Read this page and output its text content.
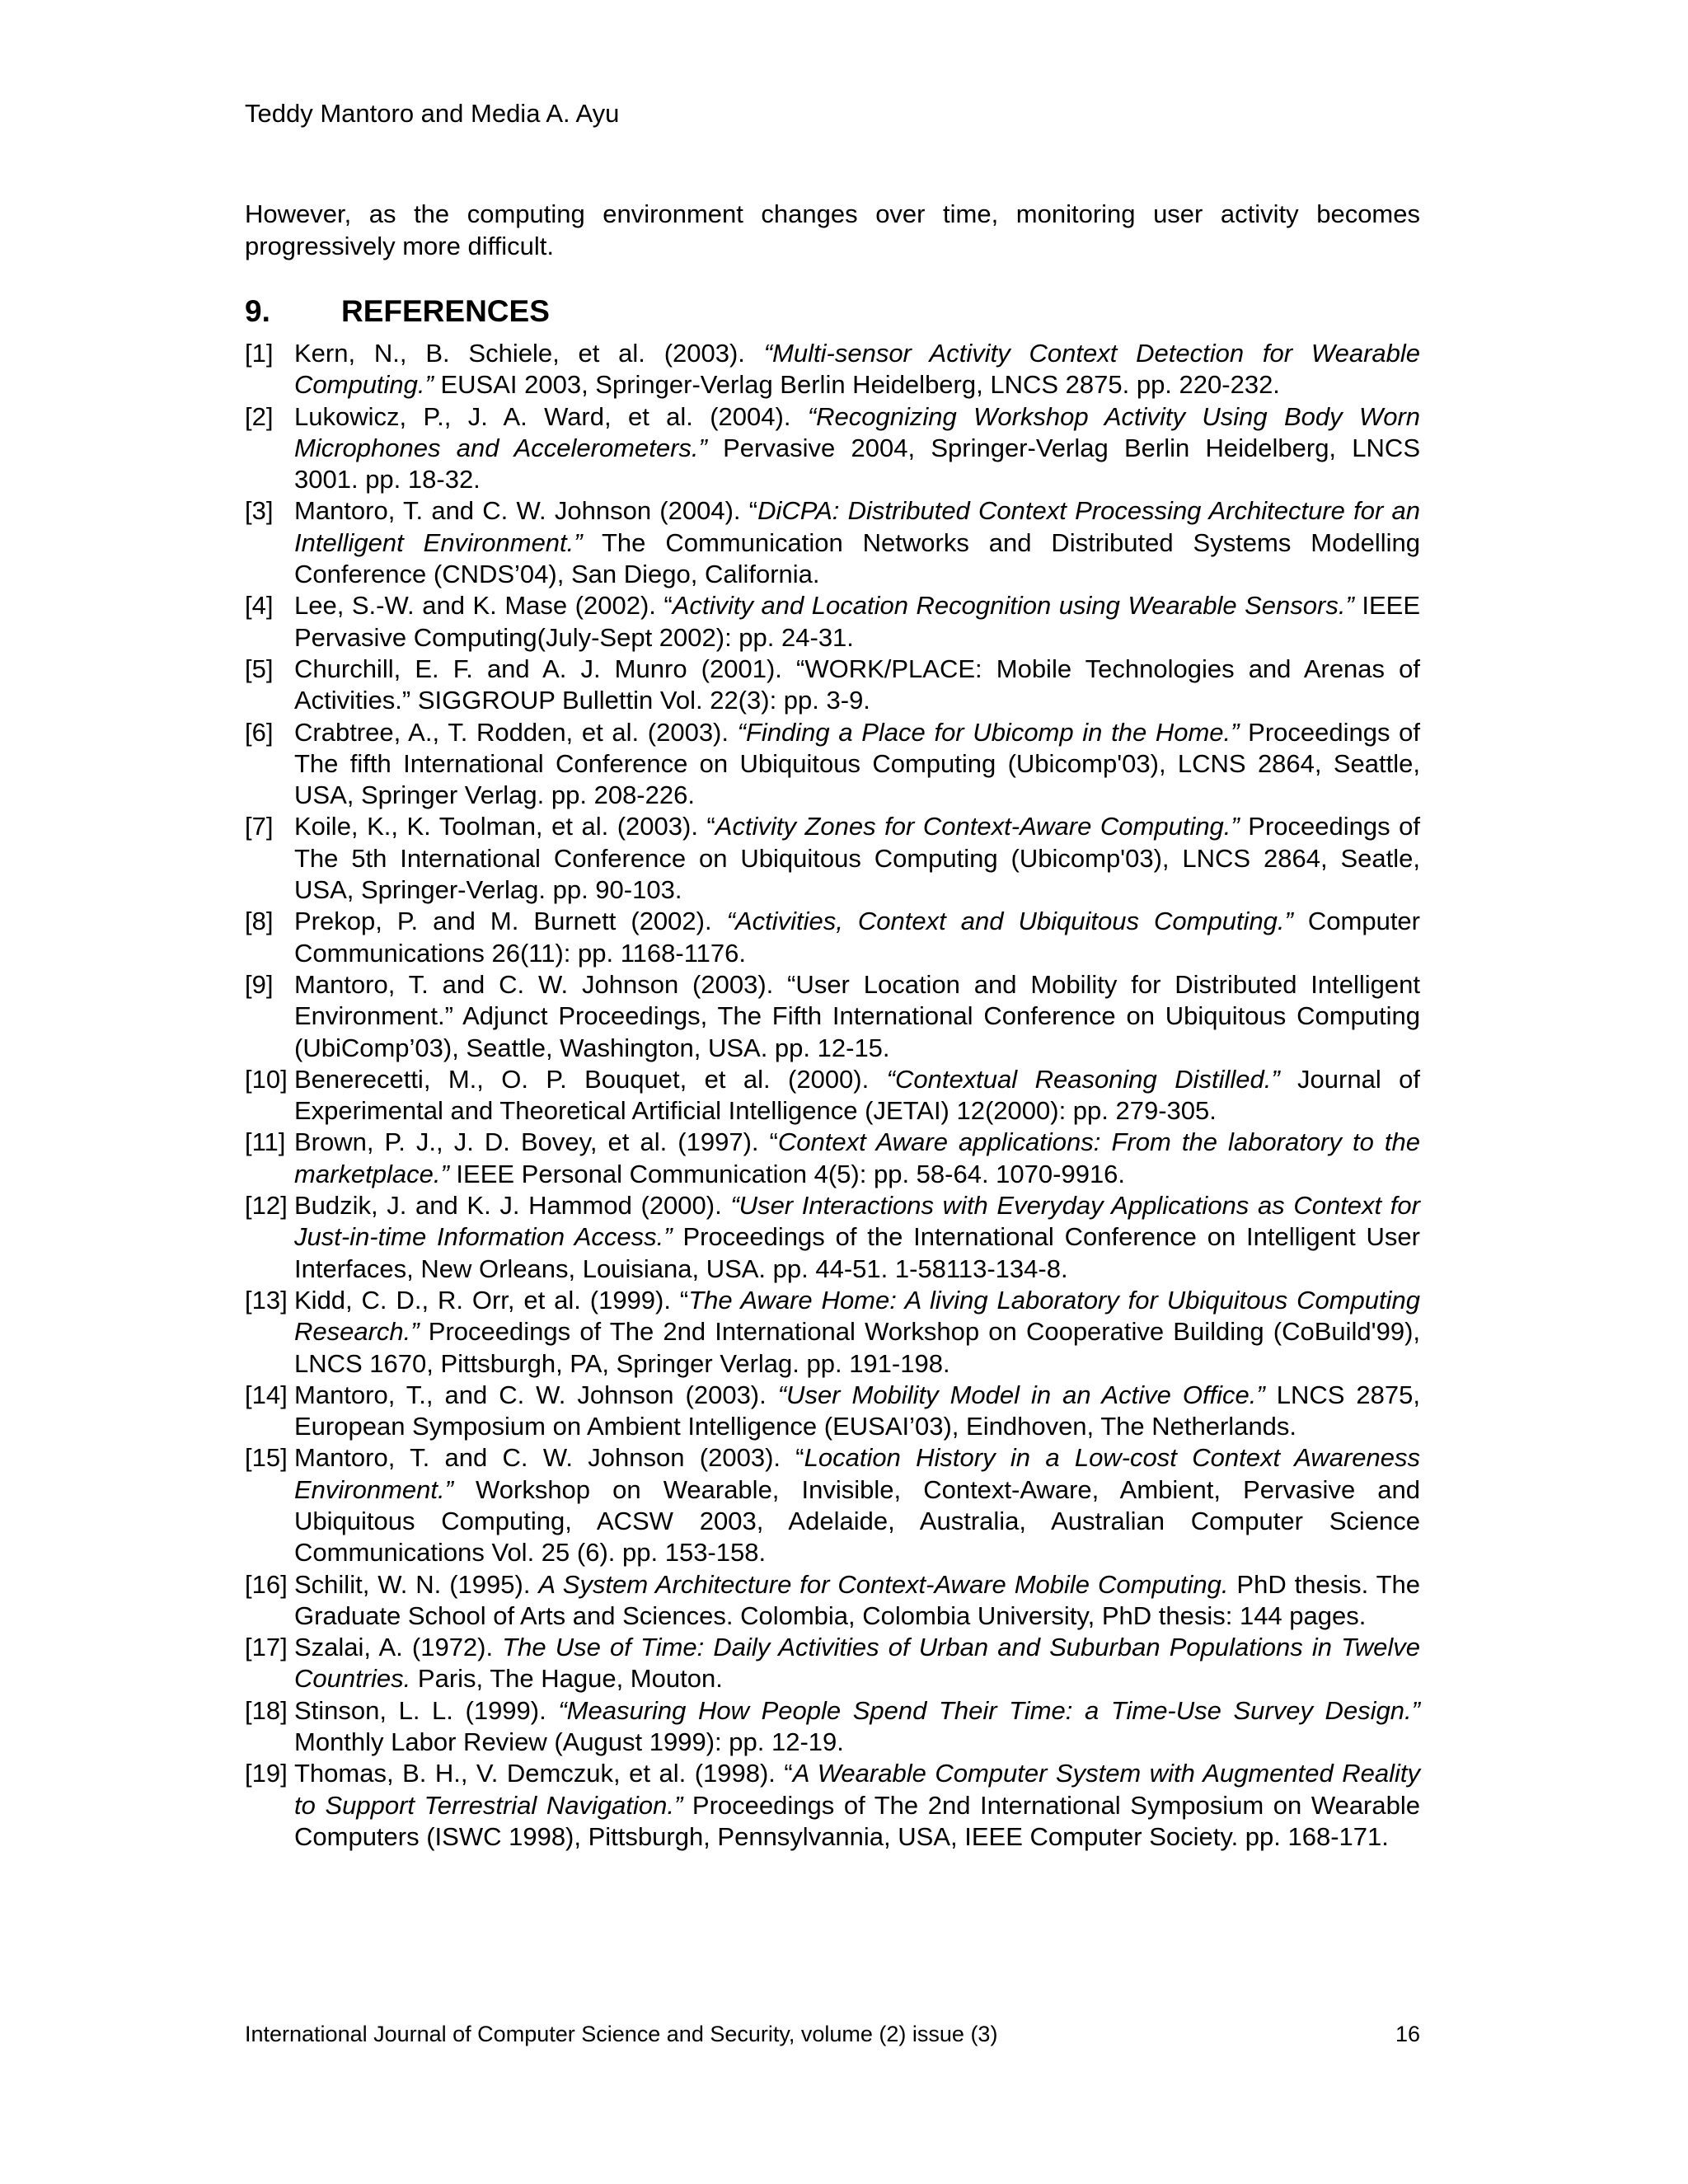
Teddy Mantoro and Media A. Ayu

However, as the computing environment changes over time, monitoring user activity becomes progressively more difficult.

9. REFERENCES
[1] Kern, N., B. Schiele, et al. (2003). “Multi-sensor Activity Context Detection for Wearable Computing.” EUSAI 2003, Springer-Verlag Berlin Heidelberg, LNCS 2875. pp. 220-232.
[2] Lukowicz, P., J. A. Ward, et al. (2004). “Recognizing Workshop Activity Using Body Worn Microphones and Accelerometers.” Pervasive 2004, Springer-Verlag Berlin Heidelberg, LNCS 3001. pp. 18-32.
[3] Mantoro, T. and C. W. Johnson (2004). “DiCPA: Distributed Context Processing Architecture for an Intelligent Environment.” The Communication Networks and Distributed Systems Modelling Conference (CNDS’04), San Diego, California.
[4] Lee, S.-W. and K. Mase (2002). “Activity and Location Recognition using Wearable Sensors.” IEEE Pervasive Computing(July-Sept 2002): pp. 24-31.
[5] Churchill, E. F. and A. J. Munro (2001). “WORK/PLACE: Mobile Technologies and Arenas of Activities.” SIGGROUP Bullettin Vol. 22(3): pp. 3-9.
[6] Crabtree, A., T. Rodden, et al. (2003). “Finding a Place for Ubicomp in the Home.” Proceedings of The fifth International Conference on Ubiquitous Computing (Ubicomp'03), LCNS 2864, Seattle, USA, Springer Verlag. pp. 208-226.
[7] Koile, K., K. Toolman, et al. (2003). “Activity Zones for Context-Aware Computing.” Proceedings of The 5th International Conference on Ubiquitous Computing (Ubicomp'03), LNCS 2864, Seatle, USA, Springer-Verlag. pp. 90-103.
[8] Prekop, P. and M. Burnett (2002). “Activities, Context and Ubiquitous Computing.” Computer Communications 26(11): pp. 1168-1176.
[9] Mantoro, T. and C. W. Johnson (2003). “User Location and Mobility for Distributed Intelligent Environment.” Adjunct Proceedings, The Fifth International Conference on Ubiquitous Computing (UbiComp’03), Seattle, Washington, USA. pp. 12-15.
[10] Benerecetti, M., O. P. Bouquet, et al. (2000). “Contextual Reasoning Distilled.” Journal of Experimental and Theoretical Artificial Intelligence (JETAI) 12(2000): pp. 279-305.
[11] Brown, P. J., J. D. Bovey, et al. (1997). “Context Aware applications: From the laboratory to the marketplace.” IEEE Personal Communication 4(5): pp. 58-64. 1070-9916.
[12] Budzik, J. and K. J. Hammod (2000). “User Interactions with Everyday Applications as Context for Just-in-time Information Access.” Proceedings of the International Conference on Intelligent User Interfaces, New Orleans, Louisiana, USA. pp. 44-51. 1-58113-134-8.
[13] Kidd, C. D., R. Orr, et al. (1999). “The Aware Home: A living Laboratory for Ubiquitous Computing Research.” Proceedings of The 2nd International Workshop on Cooperative Building (CoBuild'99), LNCS 1670, Pittsburgh, PA, Springer Verlag. pp. 191-198.
[14] Mantoro, T., and C. W. Johnson (2003). “User Mobility Model in an Active Office.” LNCS 2875, European Symposium on Ambient Intelligence (EUSAI’03), Eindhoven, The Netherlands.
[15] Mantoro, T. and C. W. Johnson (2003). “Location History in a Low-cost Context Awareness Environment.” Workshop on Wearable, Invisible, Context-Aware, Ambient, Pervasive and Ubiquitous Computing, ACSW 2003, Adelaide, Australia, Australian Computer Science Communications Vol. 25 (6). pp. 153-158.
[16] Schilit, W. N. (1995). A System Architecture for Context-Aware Mobile Computing. PhD thesis. The Graduate School of Arts and Sciences. Colombia, Colombia University, PhD thesis: 144 pages.
[17] Szalai, A. (1972). The Use of Time: Daily Activities of Urban and Suburban Populations in Twelve Countries. Paris, The Hague, Mouton.
[18] Stinson, L. L. (1999). “Measuring How People Spend Their Time: a Time-Use Survey Design.” Monthly Labor Review (August 1999): pp. 12-19.
[19] Thomas, B. H., V. Demczuk, et al. (1998). “A Wearable Computer System with Augmented Reality to Support Terrestrial Navigation.” Proceedings of The 2nd International Symposium on Wearable Computers (ISWC 1998), Pittsburgh, Pennsylvannia, USA, IEEE Computer Society. pp. 168-171.
International Journal of Computer Science and Security, volume (2) issue (3)	16
